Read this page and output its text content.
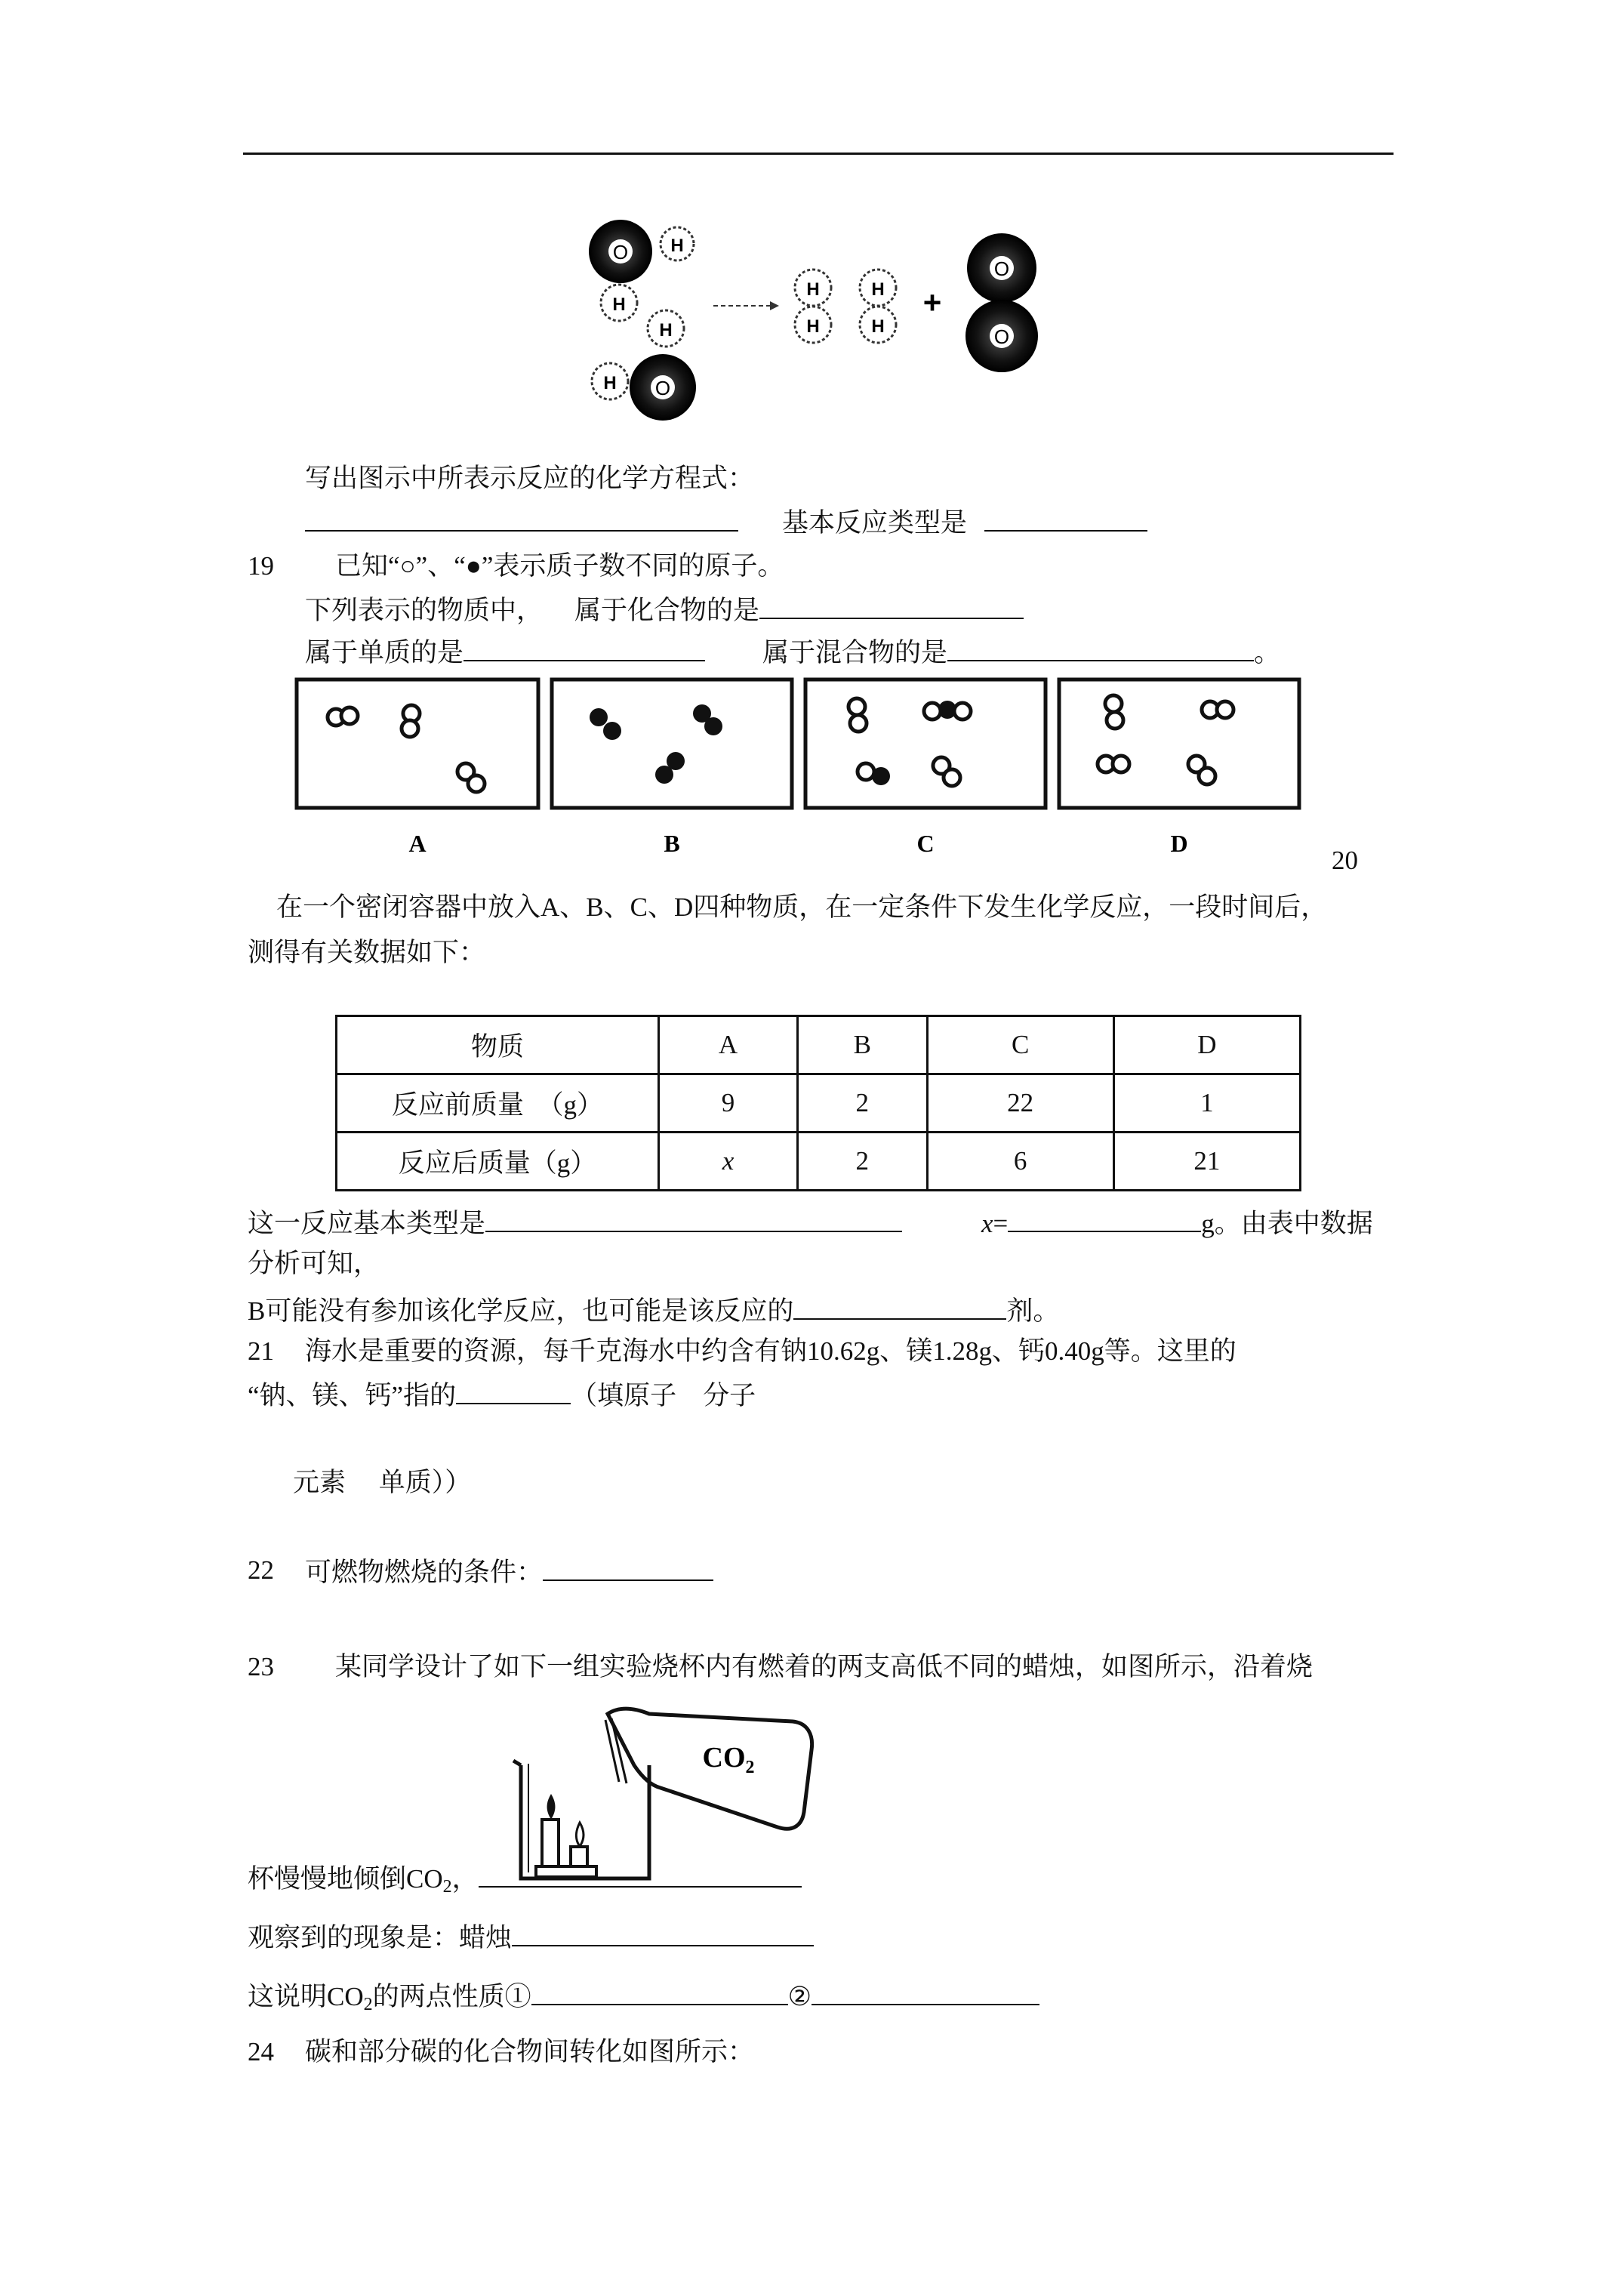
O H
H
H
H O
H
H
H
H
+
O
O
写出图示中所表示反应的化学方程式：
基本反应类型是
19 已知“○”、“●”表示质子数不同的原子。
下列表示的物质中， 属于化合物的是
属于单质的是	属于混合物的是	。
A	B	C	D
20
在一个密闭容器中放入A、B、C、D四种物质，在一定条件下发生化学反应，一段时间后，
测得有关数据如下：
物质	A	B	C	D
反应前质量　（g）	9	2	22	1
反应后质量（g）	x	2	6	21
这一反应基本类型是	x=	g。由表中数据
分析可知，
B可能没有参加该化学反应，也可能是该反应的	剂。
21 海水是重要的资源，每千克海水中约含有钠10.62g、镁1.28g、钙0.40g等。这里的
“钠、镁、钙”指的	（填原子　分子
元素　 单质））
22 可燃物燃烧的条件：
23 某同学设计了如下一组实验烧杯内有燃着的两支高低不同的蜡烛，如图所示，沿着烧
$CO_2$
杯慢慢地倾倒$CO_2$，
观察到的现象是：蜡烛
这说明$CO_2$的两点性质①	②
24 碳和部分碳的化合物间转化如图所示：
